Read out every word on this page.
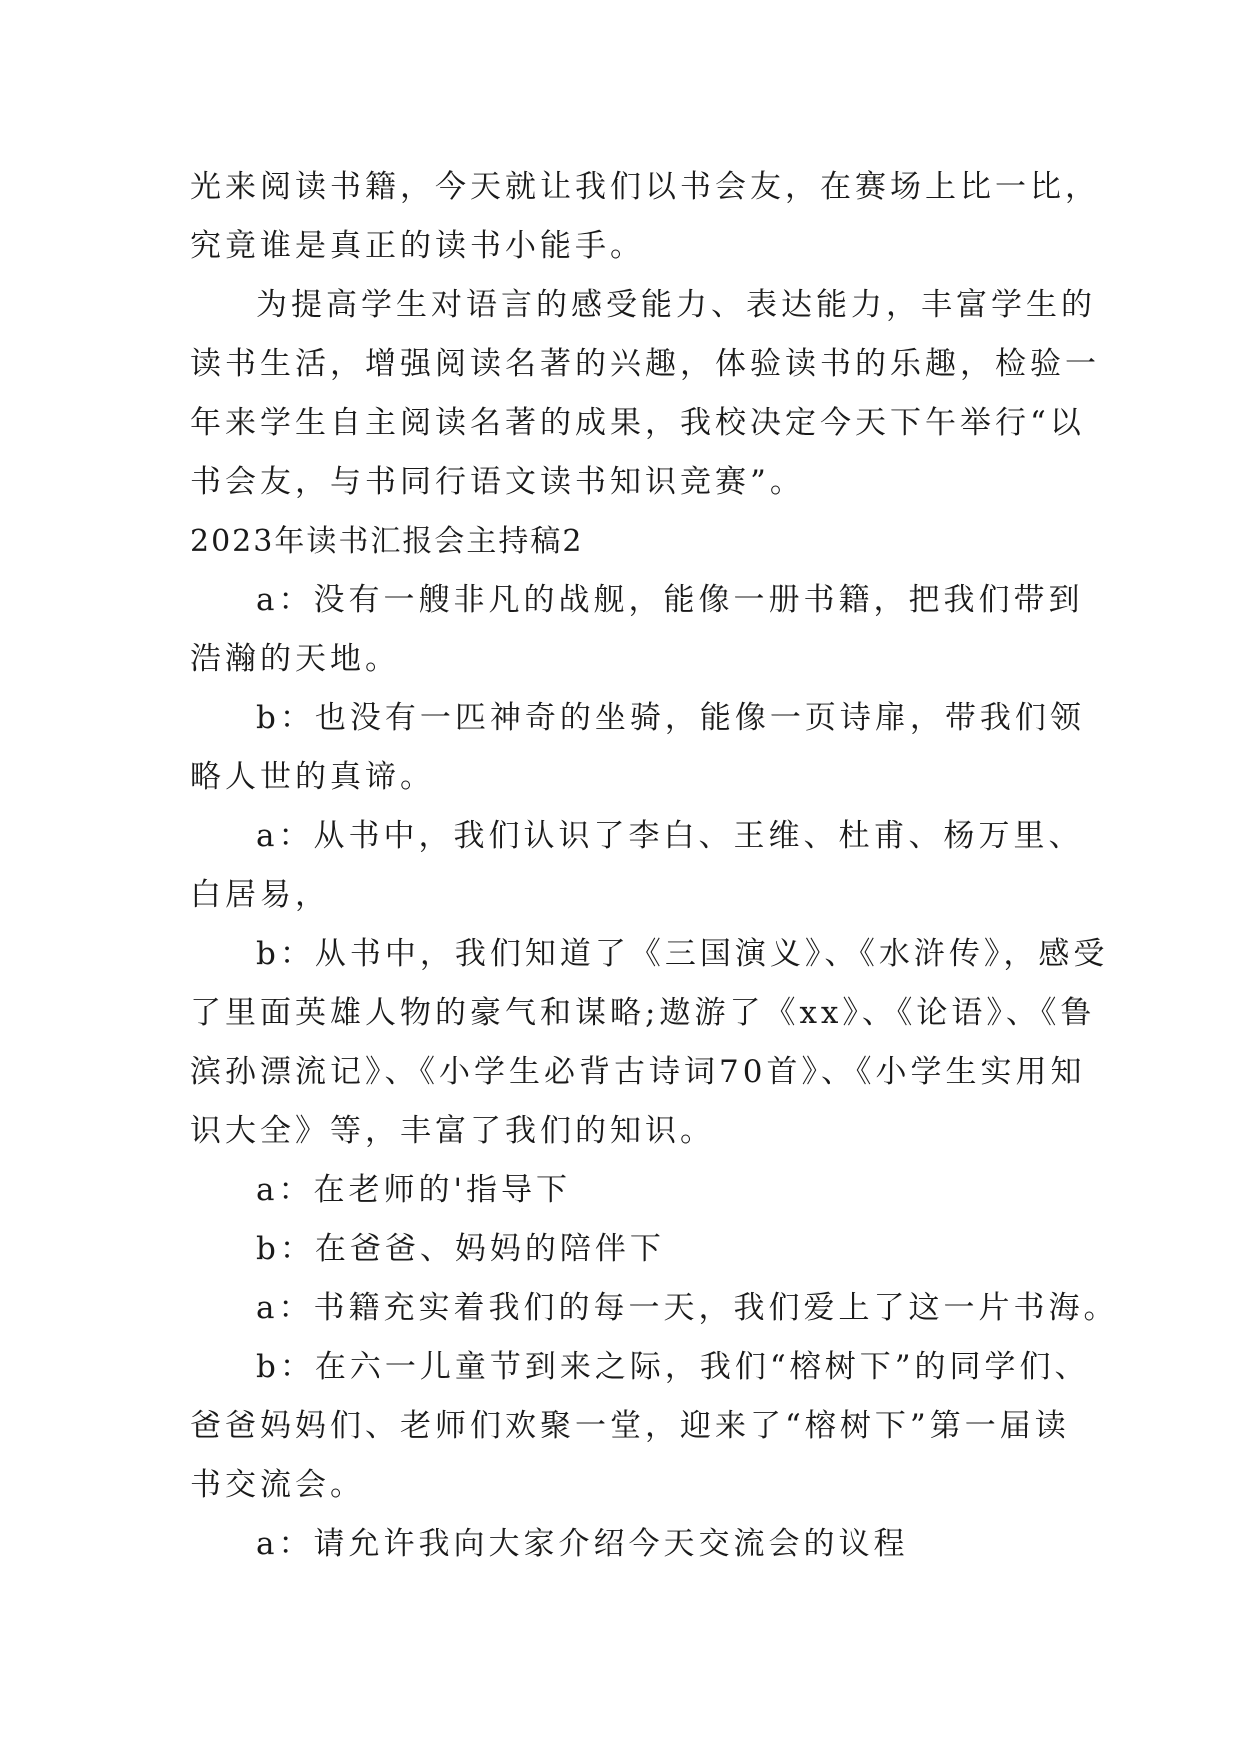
光来阅读书籍，今天就让我们以书会友，在赛场上比一比，
究竟谁是真正的读书小能手。
为提高学生对语言的感受能力、表达能力，丰富学生的
读书生活，增强阅读名著的兴趣，体验读书的乐趣，检验一
年来学生自主阅读名著的成果，我校决定今天下午举行“以
书会友，与书同行语文读书知识竞赛”。
2023年读书汇报会主持稿2
a：没有一艘非凡的战舰，能像一册书籍，把我们带到
浩瀚的天地。
b：也没有一匹神奇的坐骑，能像一页诗扉，带我们领
略人世的真谛。
a：从书中，我们认识了李白、王维、杜甫、杨万里、
白居易，
b：从书中，我们知道了《三国演义》、《水浒传》，感受
了里面英雄人物的豪气和谋略;遨游了《xx》、《论语》、《鲁
滨孙漂流记》、《小学生必背古诗词70首》、《小学生实用知
识大全》等，丰富了我们的知识。
a：在老师的'指导下
b：在爸爸、妈妈的陪伴下
a：书籍充实着我们的每一天，我们爱上了这一片书海。
b：在六一儿童节到来之际，我们“榕树下”的同学们、
爸爸妈妈们、老师们欢聚一堂，迎来了“榕树下”第一届读
书交流会。
a：请允许我向大家介绍今天交流会的议程
